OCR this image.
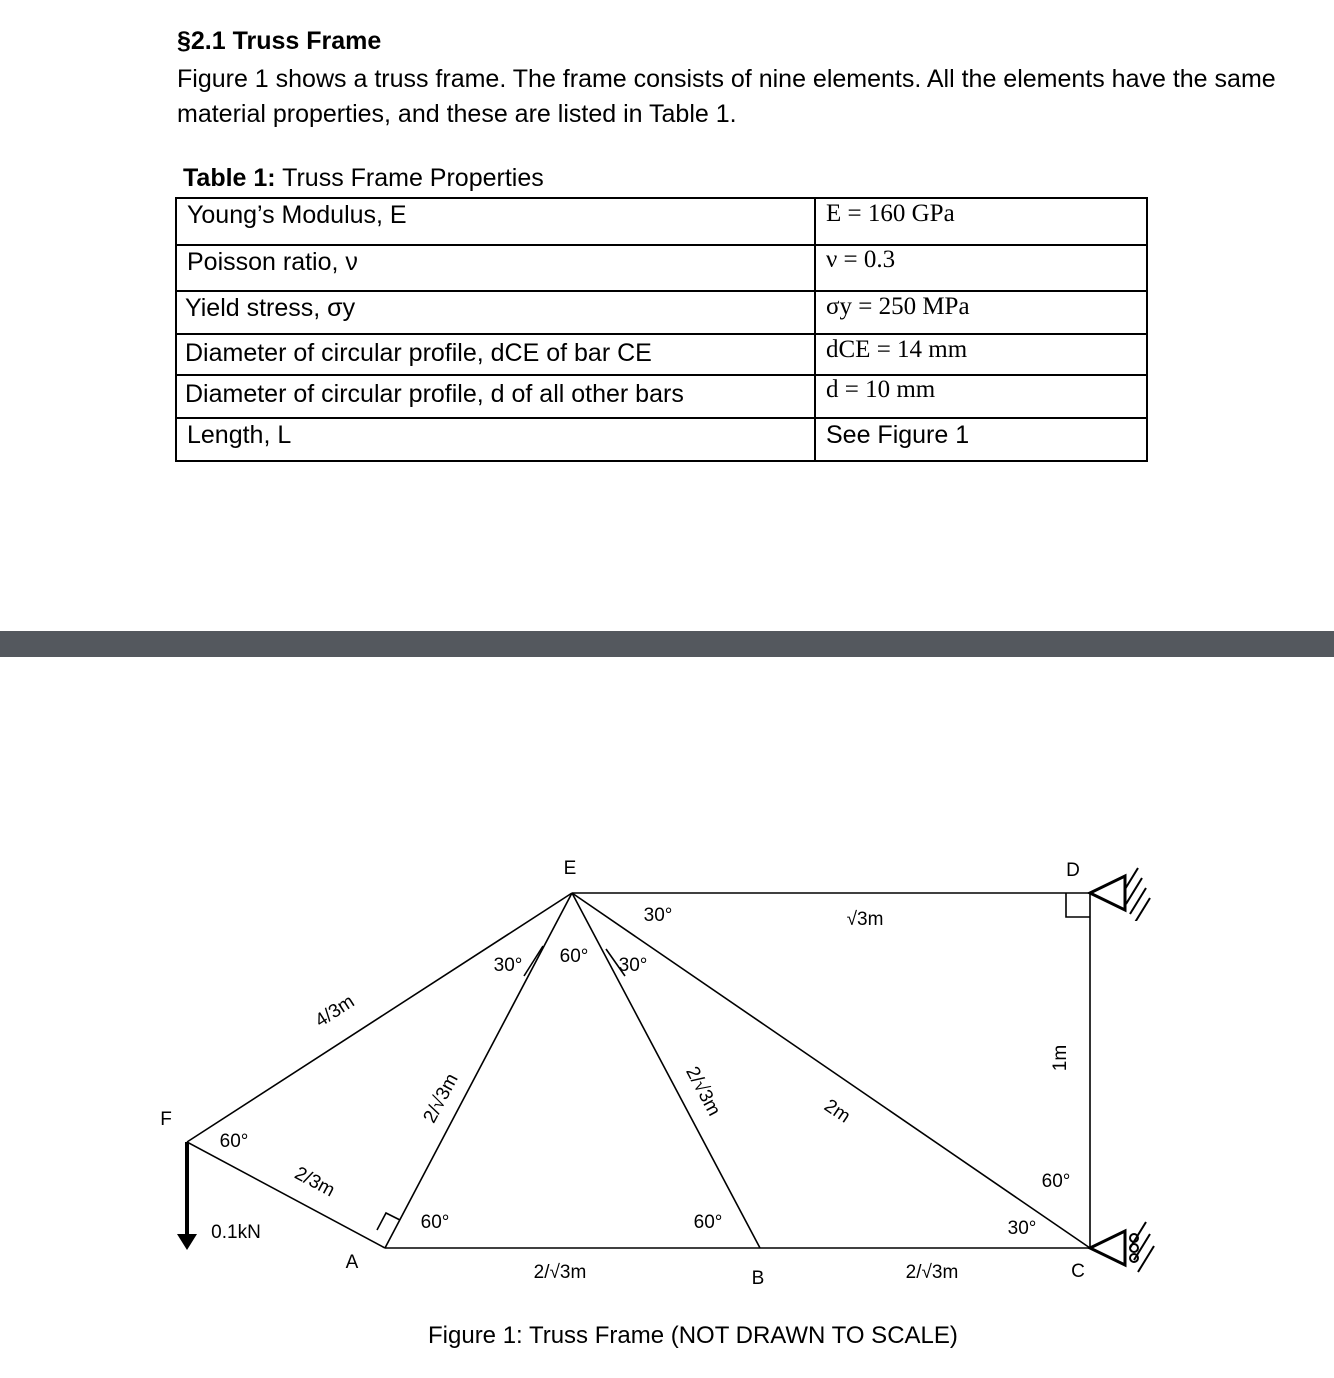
§2.1 Truss Frame
Figure 1 shows a truss frame. The frame consists of nine elements. All the elements have the same material properties, and these are listed in Table 1.
Table 1: Truss Frame Properties
Young’s Modulus, E	E = 160 GPa
Poisson ratio, ν	ν = 0.3
Yield stress, σy	σy = 250 MPa
Diameter of circular profile, dCE of bar CE	dCE = 14 mm
Diameter of circular profile, d of all other bars	d = 10 mm
Length, L	See Figure 1
E	D
F
A
B	C
4/3m
2/3m
2/√3m	2/√3m	2m
√3m
1m
2/√3m	2/√3m
60°
30° 60° 30°
30°
60°	60°	30°
60°
0.1kN
Figure 1: Truss Frame (NOT DRAWN TO SCALE)
